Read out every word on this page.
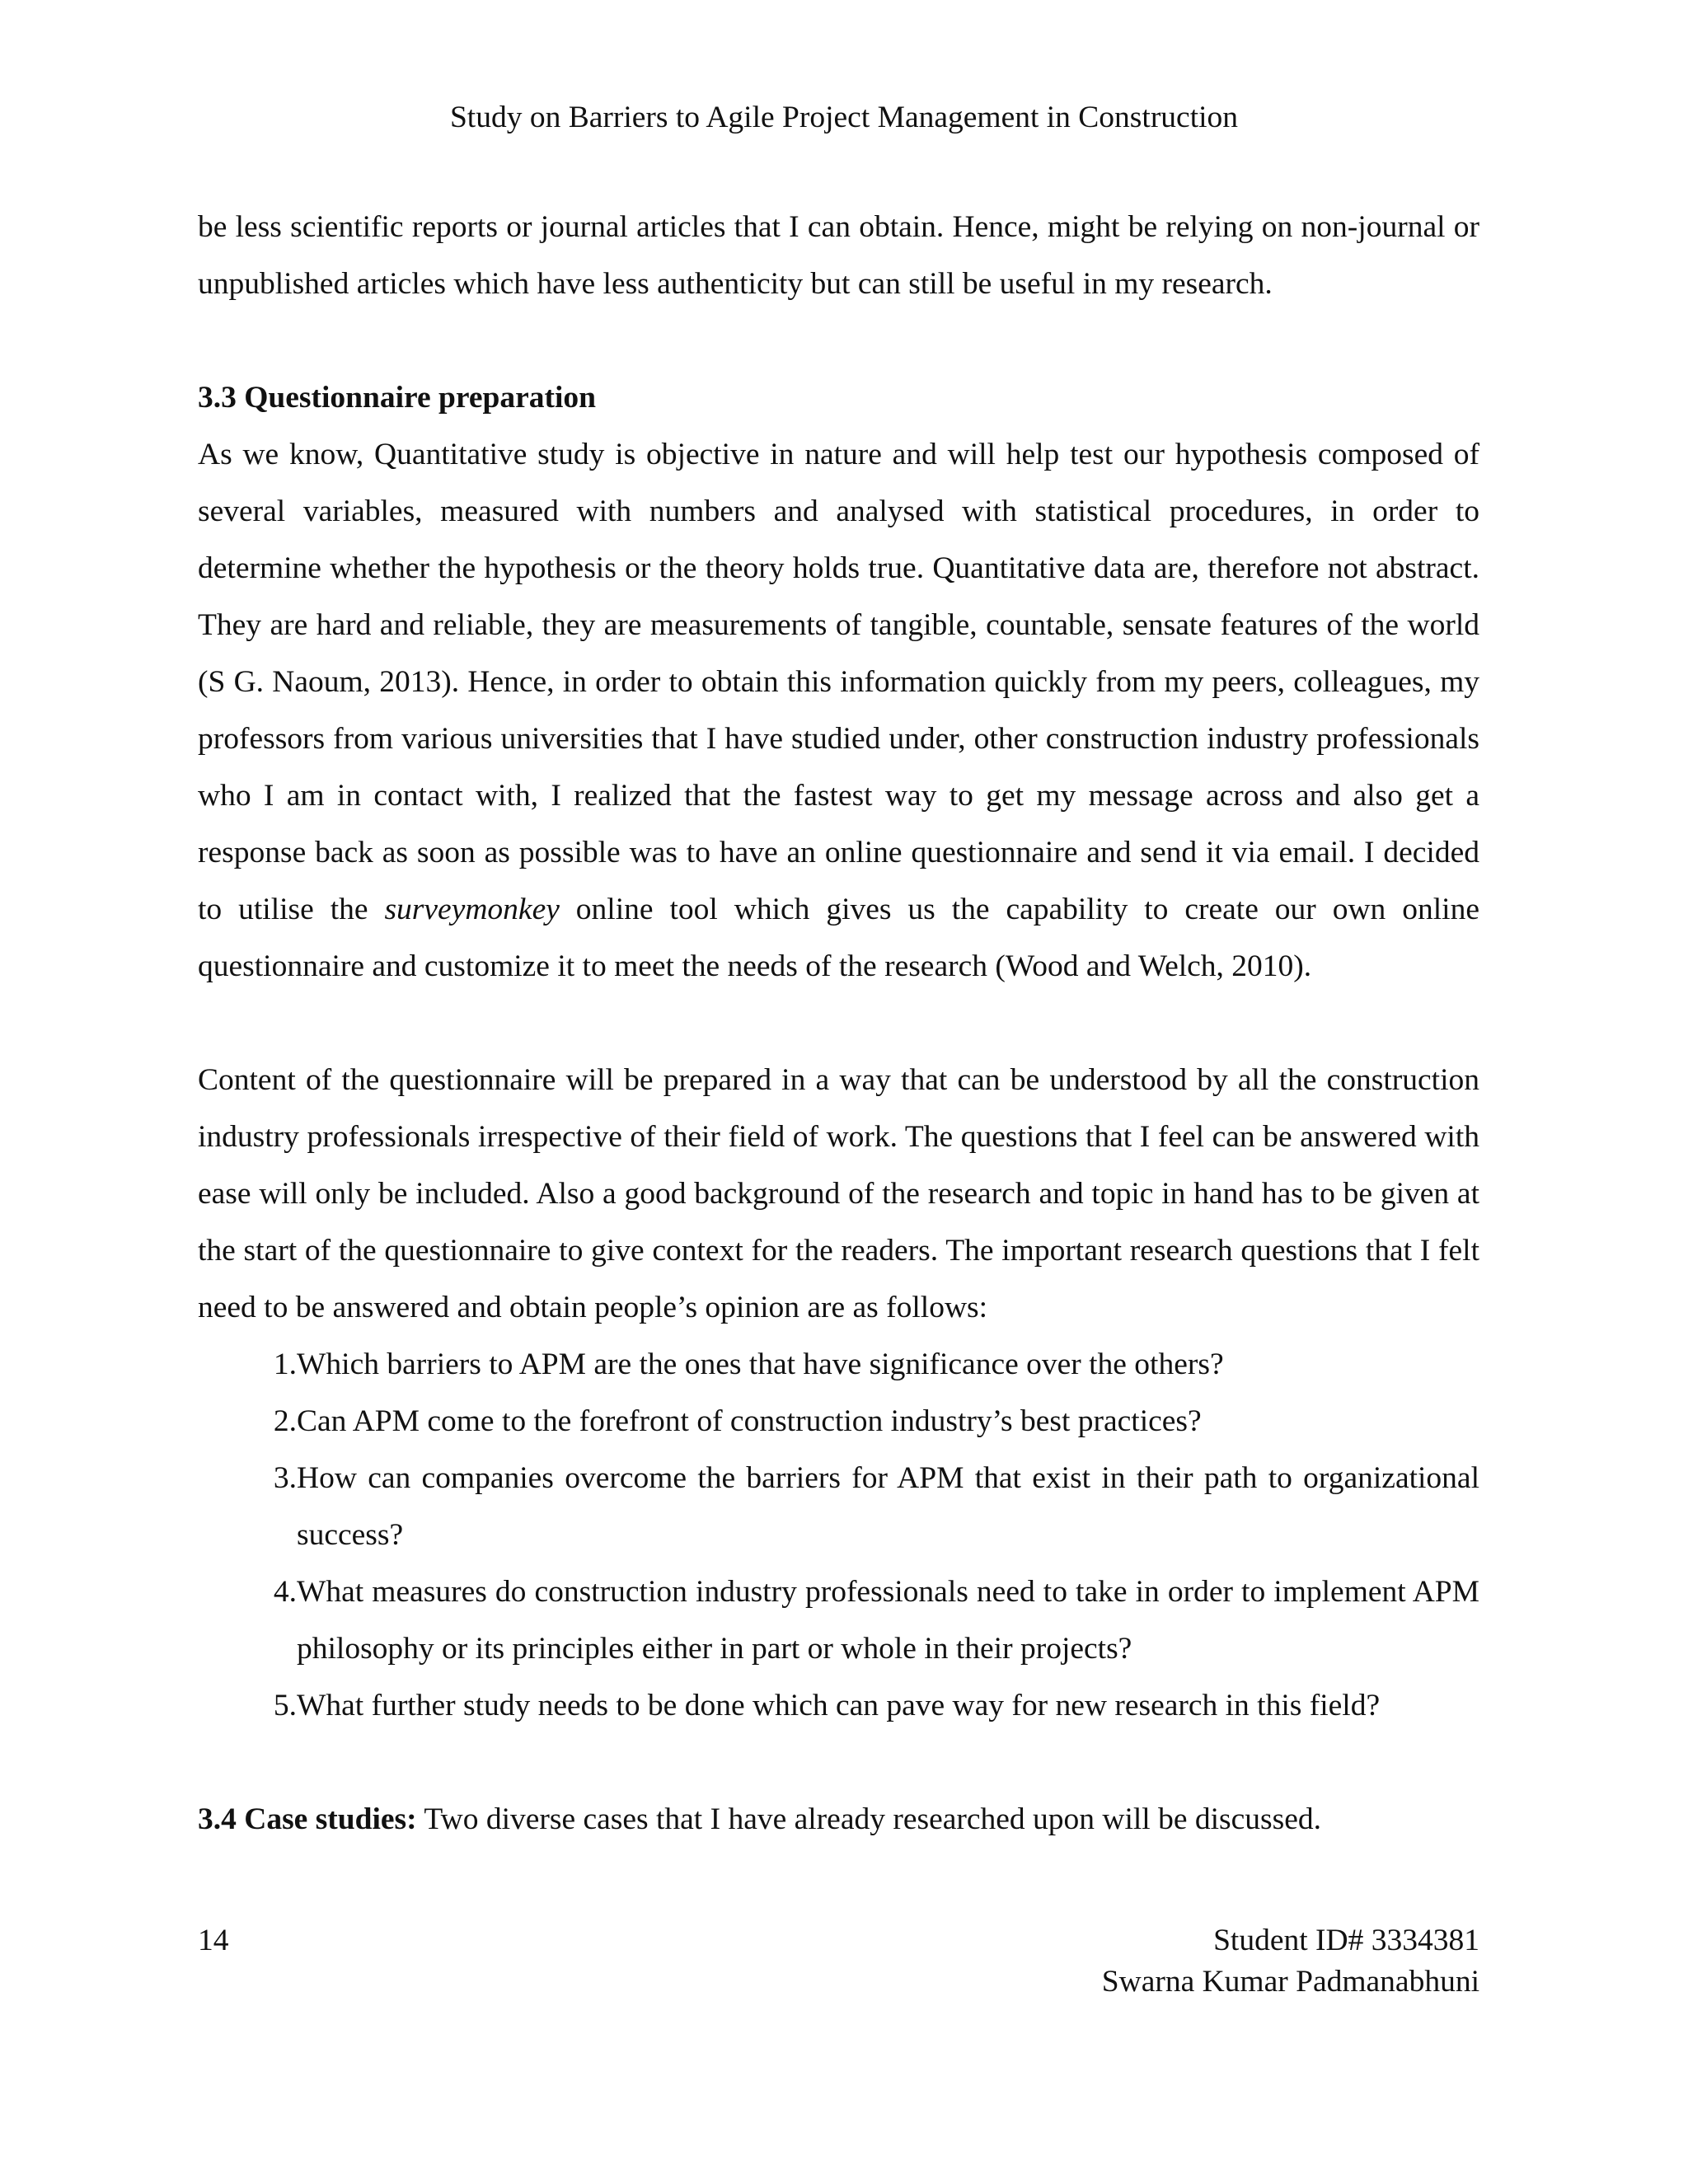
Study on Barriers to Agile Project Management in Construction

be less scientific reports or journal articles that I can obtain. Hence, might be relying on non-journal or unpublished articles which have less authenticity but can still be useful in my research.

3.3 Questionnaire preparation

As we know, Quantitative study is objective in nature and will help test our hypothesis composed of several variables, measured with numbers and analysed with statistical procedures, in order to determine whether the hypothesis or the theory holds true. Quantitative data are, therefore not abstract. They are hard and reliable, they are measurements of tangible, countable, sensate features of the world (S G. Naoum, 2013). Hence, in order to obtain this information quickly from my peers, colleagues, my professors from various universities that I have studied under, other construction industry professionals who I am in contact with, I realized that the fastest way to get my message across and also get a response back as soon as possible was to have an online questionnaire and send it via email. I decided to utilise the surveymonkey online tool which gives us the capability to create our own online questionnaire and customize it to meet the needs of the research (Wood and Welch, 2010).

Content of the questionnaire will be prepared in a way that can be understood by all the construction industry professionals irrespective of their field of work. The questions that I feel can be answered with ease will only be included. Also a good background of the research and topic in hand has to be given at the start of the questionnaire to give context for the readers. The important research questions that I felt need to be answered and obtain people’s opinion are as follows:

1. Which barriers to APM are the ones that have significance over the others?
2. Can APM come to the forefront of construction industry’s best practices?
3. How can companies overcome the barriers for APM that exist in their path to organizational success?
4. What measures do construction industry professionals need to take in order to implement APM philosophy or its principles either in part or whole in their projects?
5. What further study needs to be done which can pave way for new research in this field?

3.4 Case studies: Two diverse cases that I have already researched upon will be discussed.

14	Student ID# 3334381
Swarna Kumar Padmanabhuni
